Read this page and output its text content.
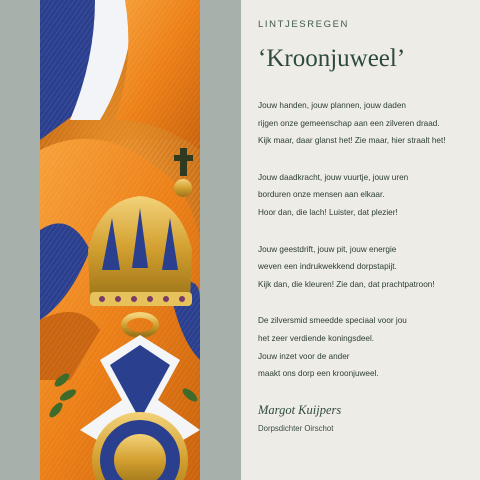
LINTJESREGEN

‘Kroonjuweel’
Jouw handen, jouw plannen, jouw daden
rijgen onze gemeenschap aan een zilveren draad.
Kijk maar, daar glanst het! Zie maar, hier straalt het!
Jouw daadkracht, jouw vuurtje, jouw uren
borduren onze mensen aan elkaar.
Hoor dan, die lach! Luister, dat plezier!
Jouw geestdrift, jouw pit, jouw energie
weven een indrukwekkend dorpstapijt.
Kijk dan, die kleuren! Zie dan, dat prachtpatroon!
De zilversmid smeedde speciaal voor jou
het zeer verdiende koningsdeel.
Jouw inzet voor de ander
maakt ons dorp een kroonjuweel.
Margot Kuijpers
Dorpsdichter Oirschot
